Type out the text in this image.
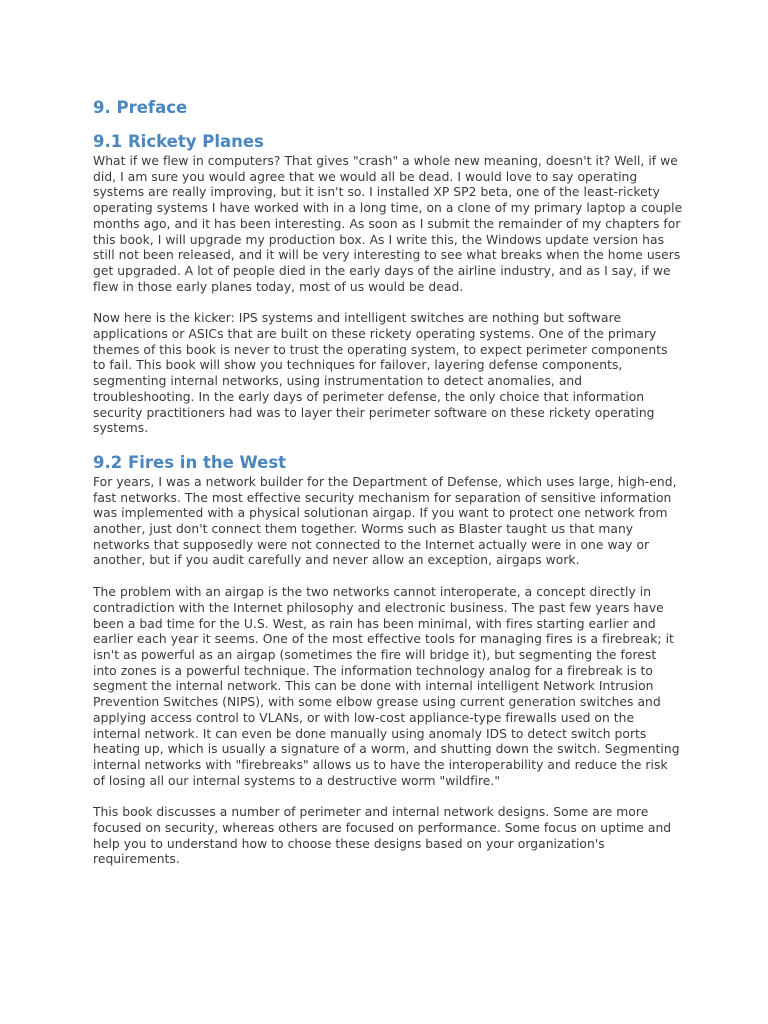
9. Preface
9.1 Rickety Planes

What if we flew in computers? That gives "crash" a whole new meaning, doesn't it? Well, if we did, I am sure you would agree that we would all be dead. I would love to say operating systems are really improving, but it isn't so. I installed XP SP2 beta, one of the least-rickety operating systems I have worked with in a long time, on a clone of my primary laptop a couple months ago, and it has been interesting. As soon as I submit the remainder of my chapters for this book, I will upgrade my production box. As I write this, the Windows update version has still not been released, and it will be very interesting to see what breaks when the home users get upgraded. A lot of people died in the early days of the airline industry, and as I say, if we flew in those early planes today, most of us would be dead.

Now here is the kicker: IPS systems and intelligent switches are nothing but software applications or ASICs that are built on these rickety operating systems. One of the primary themes of this book is never to trust the operating system, to expect perimeter components to fail. This book will show you techniques for failover, layering defense components, segmenting internal networks, using instrumentation to detect anomalies, and troubleshooting. In the early days of perimeter defense, the only choice that information security practitioners had was to layer their perimeter software on these rickety operating systems.

9.2 Fires in the West

For years, I was a network builder for the Department of Defense, which uses large, high-end, fast networks. The most effective security mechanism for separation of sensitive information was implemented with a physical solutionan airgap. If you want to protect one network from another, just don't connect them together. Worms such as Blaster taught us that many networks that supposedly were not connected to the Internet actually were in one way or another, but if you audit carefully and never allow an exception, airgaps work.

The problem with an airgap is the two networks cannot interoperate, a concept directly in contradiction with the Internet philosophy and electronic business. The past few years have been a bad time for the U.S. West, as rain has been minimal, with fires starting earlier and earlier each year it seems. One of the most effective tools for managing fires is a firebreak; it isn't as powerful as an airgap (sometimes the fire will bridge it), but segmenting the forest into zones is a powerful technique. The information technology analog for a firebreak is to segment the internal network. This can be done with internal intelligent Network Intrusion Prevention Switches (NIPS), with some elbow grease using current generation switches and applying access control to VLANs, or with low-cost appliance-type firewalls used on the internal network. It can even be done manually using anomaly IDS to detect switch ports heating up, which is usually a signature of a worm, and shutting down the switch. Segmenting internal networks with "firebreaks" allows us to have the interoperability and reduce the risk of losing all our internal systems to a destructive worm "wildfire."

This book discusses a number of perimeter and internal network designs. Some are more focused on security, whereas others are focused on performance. Some focus on uptime and help you to understand how to choose these designs based on your organization's requirements.
